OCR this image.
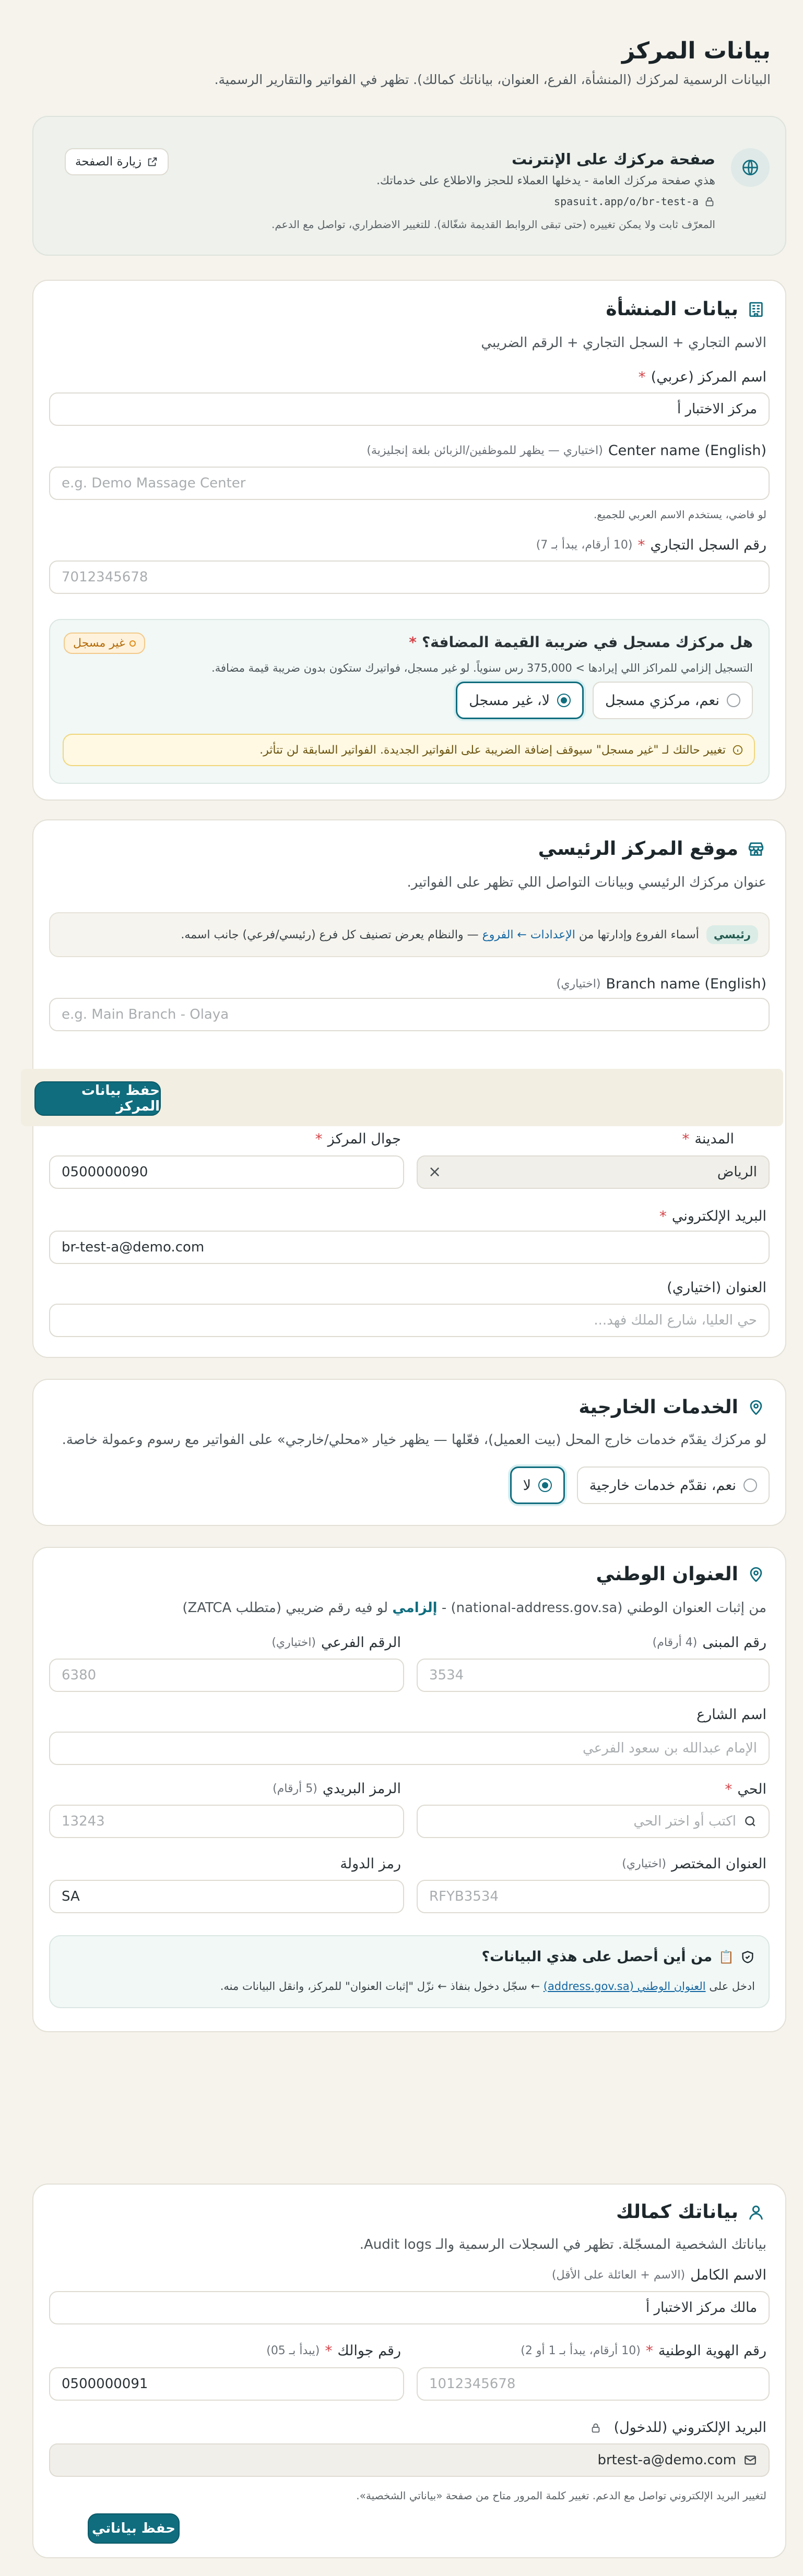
بيانات المركز
البيانات الرسمية لمركزك (المنشأة، الفرع، العنوان، بياناتك كمالك). تظهر في الفواتير والتقارير الرسمية.
صفحة مركزك على الإنترنت
هذي صفحة مركزك العامة - يدخلها العملاء للحجز والاطلاع على خدماتك.
spasuit.app/o/br-test-a
المعرّف ثابت ولا يمكن تغييره (حتى تبقى الروابط القديمة شغّالة). للتغيير الاضطراري، تواصل مع الدعم.
زيارة الصفحة
بيانات المنشأة
الاسم التجاري + السجل التجاري + الرقم الضريبي
اسم المركز (عربي)
*
مركز الاختبار أ
Center name (English)
(اختياري — يظهر للموظفين/الزبائن بلغة إنجليزية)
e.g. Demo Massage Center
لو فاضي، يستخدم الاسم العربي للجميع.
رقم السجل التجاري
*
(10 أرقام، يبدأ بـ 7)
7012345678
هل مركزك مسجل في ضريبة القيمة المضافة؟
*
التسجيل إلزامي للمراكز اللي إيرادها > 375,000 رس سنوياً. لو غير مسجل، فواتيرك ستكون بدون ضريبة قيمة مضافة.
غير مسجل
نعم، مركزي مسجل
لا، غير مسجل
تغيير حالتك لـ "غير مسجل" سيوقف إضافة الضريبة على الفواتير الجديدة. الفواتير السابقة لن تتأثر.
موقع المركز الرئيسي
عنوان مركزك الرئيسي وبيانات التواصل اللي تظهر على الفواتير.
رئيسي
أسماء الفروع وإدارتها من الإعدادات ← الفروع — والنظام يعرض تصنيف كل فرع (رئيسي/فرعي) جانب اسمه.
Branch name (English)
(اختياري)
e.g. Main Branch - Olaya
المدينة
*
جوال المركز
*
الرياض
×
0500000090
البريد الإلكتروني
*
br-test-a@demo.com
العنوان (اختياري)
حي العليا، شارع الملك فهد...
حفظ بيانات المركز
الخدمات الخارجية
لو مركزك يقدّم خدمات خارج المحل (بيت العميل)، فعّلها — يظهر خيار «محلي/خارجي» على الفواتير مع رسوم وعمولة خاصة.
نعم، نقدّم خدمات خارجية
لا
العنوان الوطني
من إثبات العنوان الوطني (national-address.gov.sa) - إلزامي لو فيه رقم ضريبي (متطلب ZATCA)
رقم المبنى
(4 أرقام)
الرقم الفرعي
(اختياري)
3534
6380
اسم الشارع
الإمام عبدالله بن سعود الفرعي
الحي
*
الرمز البريدي
(5 أرقام)
اكتب أو اختر الحي
13243
العنوان المختصر
(اختياري)
رمز الدولة
RFYB3534
SA
📋
من أين أحصل على هذي البيانات؟
ادخل على العنوان الوطني (address.gov.sa) ← سجّل دخول بنفاذ ← نزّل "إثبات العنوان" للمركز، وانقل البيانات منه.
بياناتك كمالك
بياناتك الشخصية المسجّلة. تظهر في السجلات الرسمية والـ Audit logs.
الاسم الكامل
(الاسم + العائلة على الأقل)
مالك مركز الاختبار أ
رقم الهوية الوطنية
*
(10 أرقام، يبدأ بـ 1 أو 2)
رقم جوالك
*
(يبدأ بـ 05)
1012345678
0500000091
البريد الإلكتروني (للدخول)
brtest-a@demo.com
لتغيير البريد الإلكتروني تواصل مع الدعم. تغيير كلمة المرور متاح من صفحة «بياناتي الشخصية».
حفظ بياناتي
